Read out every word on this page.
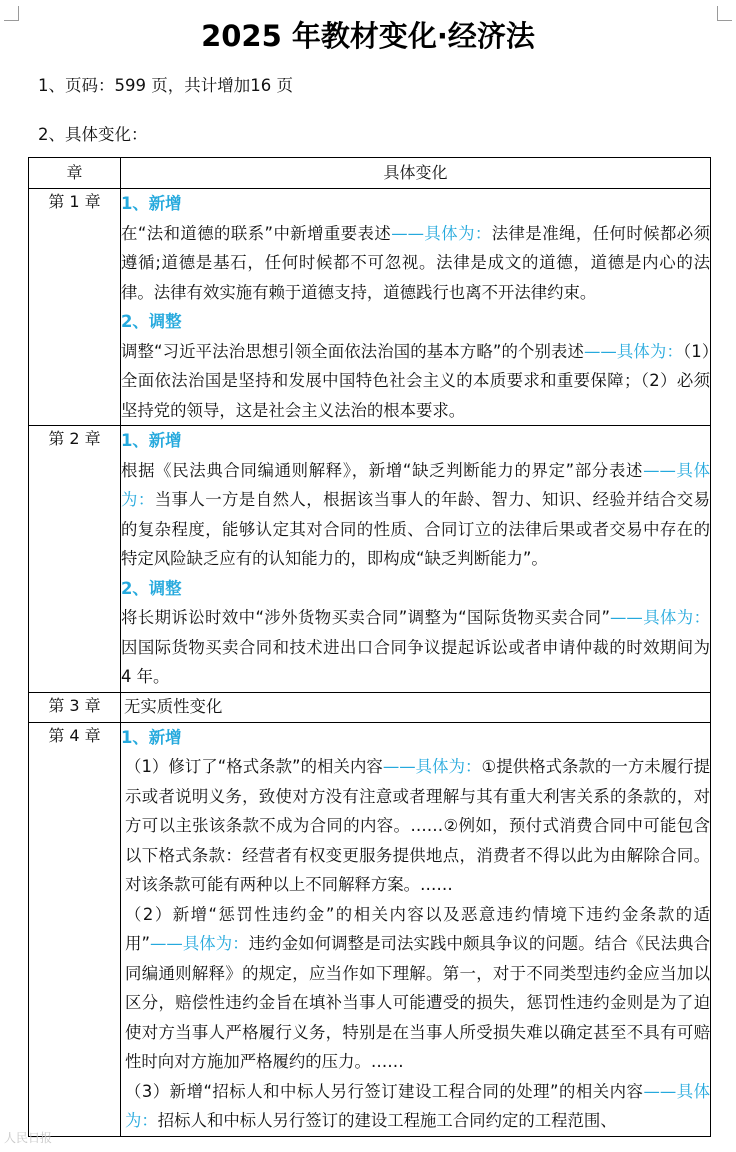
2025 年教材变化·经济法
1、页码：599 页，共计增加16 页
2、具体变化：
章	具体变化
第 1 章	1、新增

在“法和道德的联系”中新增重要表述——具体为：法律是准绳，任何时候都必须遵循;道德是基石，任何时候都不可忽视。法律是成文的道德，道德是内心的法律。法律有效实施有赖于道德支持，道德践行也离不开法律约束。

2、调整

调整“习近平法治思想引领全面依法治国的基本方略”的个别表述——具体为：（1）全面依法治国是坚持和发展中国特色社会主义的本质要求和重要保障；（2）必须坚持党的领导，这是社会主义法治的根本要求。

第 2 章	1、新增

根据《民法典合同编通则解释》，新增“缺乏判断能力的界定”部分表述——具体为：当事人一方是自然人，根据该当事人的年龄、智力、知识、经验并结合交易的复杂程度，能够认定其对合同的性质、合同订立的法律后果或者交易中存在的特定风险缺乏应有的认知能力的，即构成“缺乏判断能力”。

2、调整

将长期诉讼时效中“涉外货物买卖合同”调整为“国际货物买卖合同”——具体为：因国际货物买卖合同和技术进出口合同争议提起诉讼或者申请仲裁的时效期间为 4 年。

第 3 章	无实质性变化

第 4 章	1、新增

（1）修订了“格式条款”的相关内容——具体为：①提供格式条款的一方未履行提示或者说明义务，致使对方没有注意或者理解与其有重大利害关系的条款的，对方可以主张该条款不成为合同的内容。……②例如，预付式消费合同中可能包含以下格式条款：经营者有权变更服务提供地点，消费者不得以此为由解除合同。对该条款可能有两种以上不同解释方案。……

（2）新增“惩罚性违约金”的相关内容以及恶意违约情境下违约金条款的适用”——具体为：违约金如何调整是司法实践中颇具争议的问题。结合《民法典合同编通则解释》的规定，应当作如下理解。第一，对于不同类型违约金应当加以区分，赔偿性违约金旨在填补当事人可能遭受的损失，惩罚性违约金则是为了迫使对方当事人严格履行义务，特别是在当事人所受损失难以确定甚至不具有可赔性时向对方施加严格履约的压力。……

（3）新增“招标人和中标人另行签订建设工程合同的处理”的相关内容——具体为：招标人和中标人另行签订的建设工程施工合同约定的工程范围、

人民日报
